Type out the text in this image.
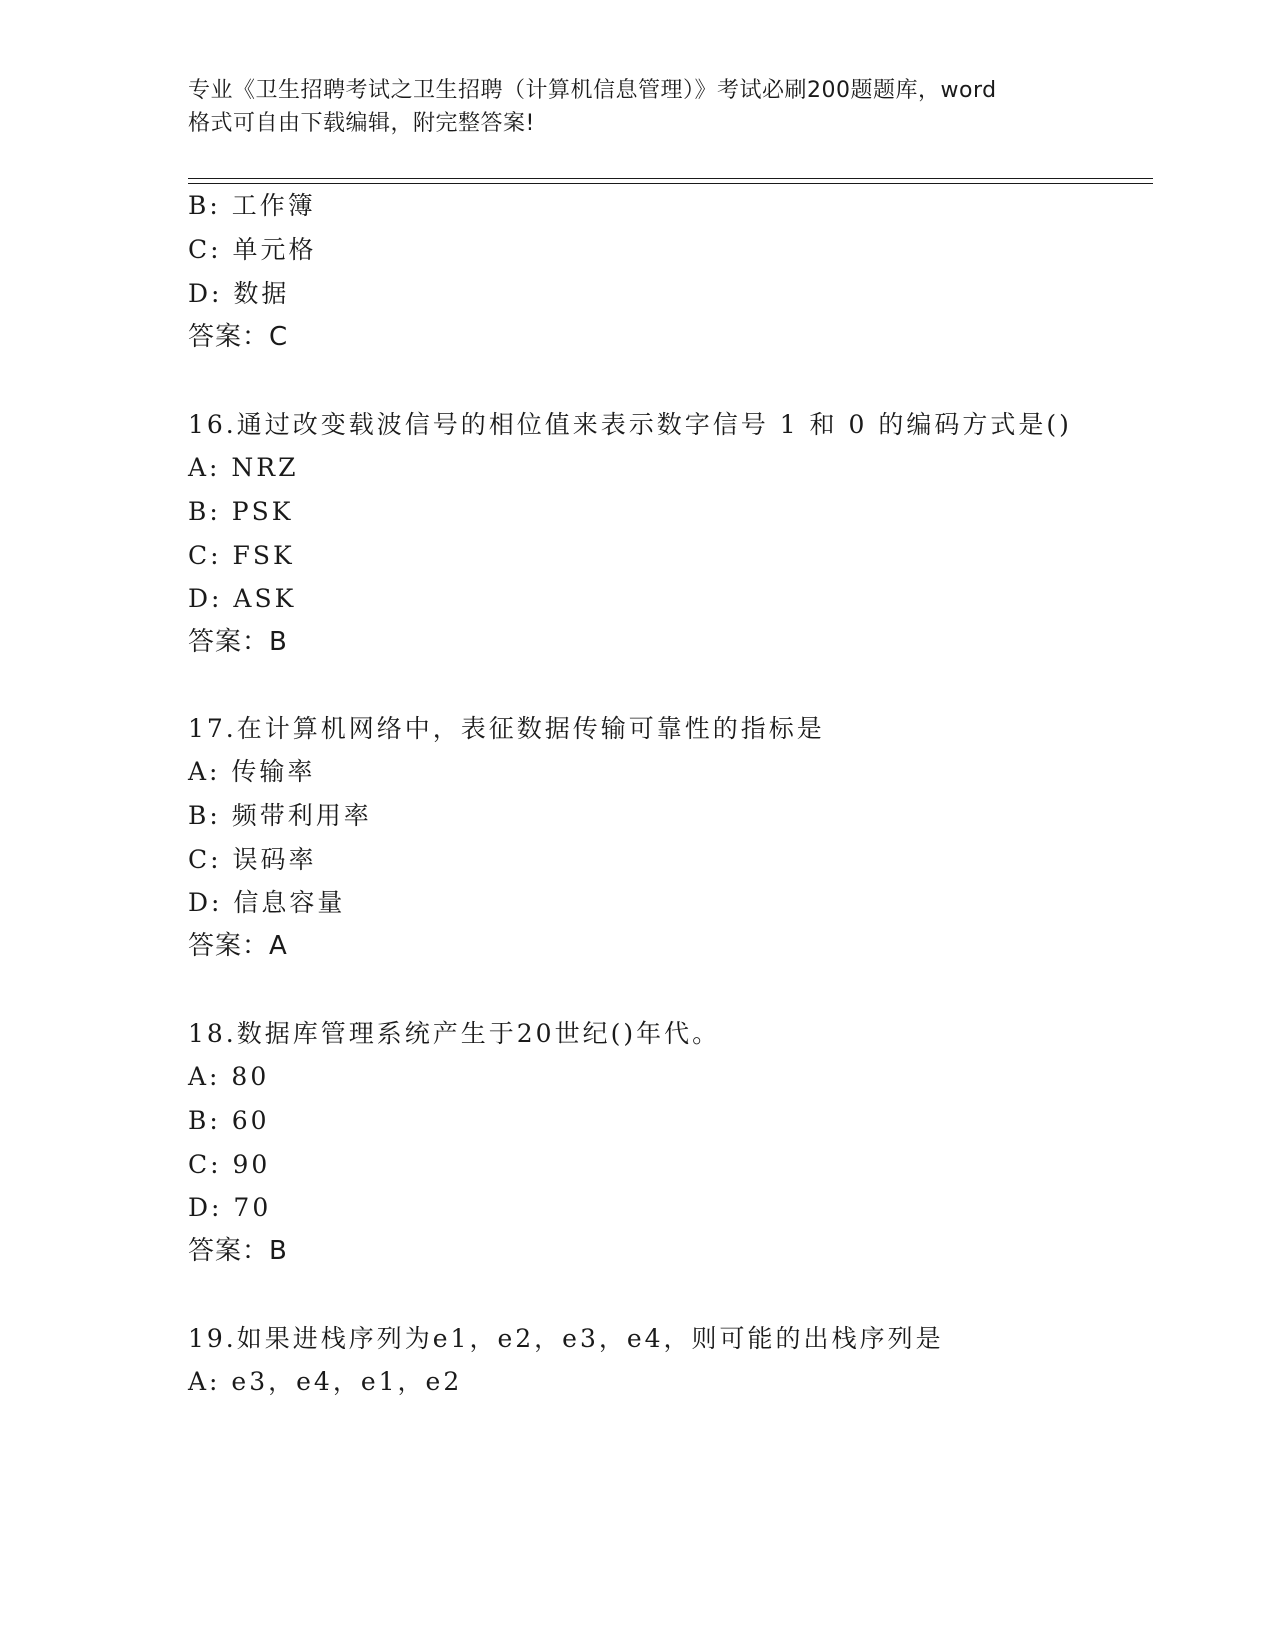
专业《卫生招聘考试之卫生招聘（计算机信息管理）》考试必刷200题题库，word
格式可自由下载编辑，附完整答案!
B: 工作簿
C: 单元格
D: 数据
答案：C
16.通过改变载波信号的相位值来表示数字信号 1 和 0 的编码方式是()
A: NRZ
B: PSK
C: FSK
D: ASK
答案：B
17.在计算机网络中，表征数据传输可靠性的指标是
A: 传输率
B: 频带利用率
C: 误码率
D: 信息容量
答案：A
18.数据库管理系统产生于20世纪()年代。
A: 80
B: 60
C: 90
D: 70
答案：B
19.如果进栈序列为e1，e2，e3，e4，则可能的出栈序列是
A: e3，e4，e1，e2
